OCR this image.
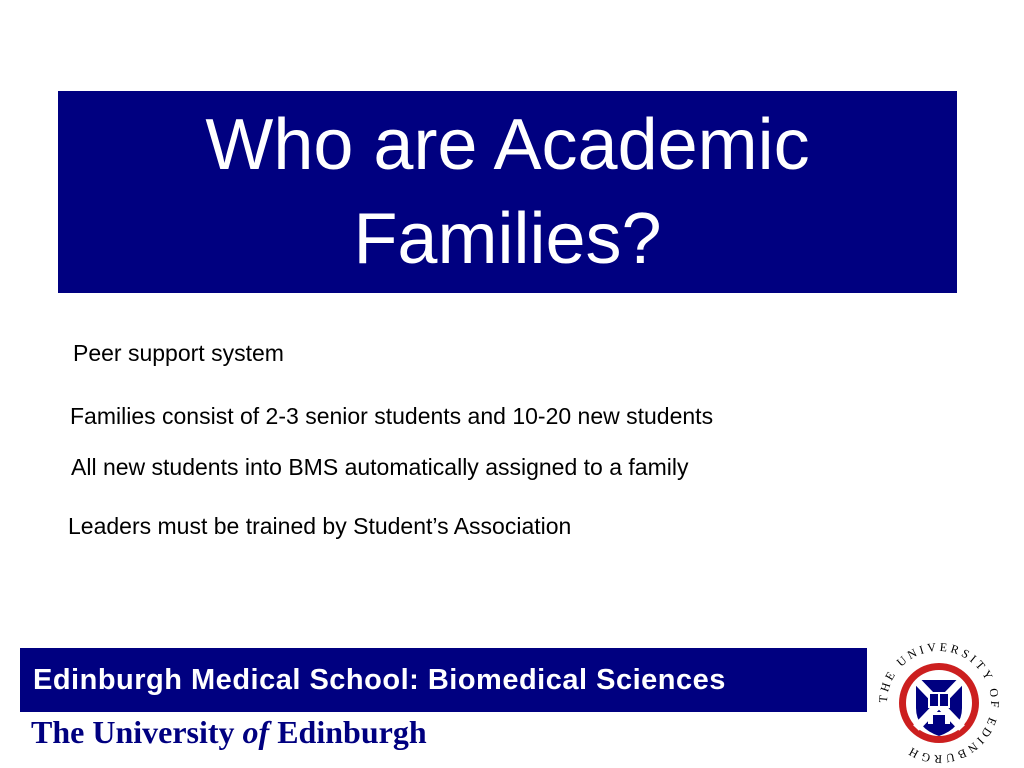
Who are Academic Families?
Peer support system
Families consist of 2-3 senior students and 10-20 new students
All new students into BMS automatically assigned to a family
Leaders must be trained by Student’s Association
Edinburgh Medical School: Biomedical Sciences
The University of Edinburgh
THE UNIVERSITY OF EDINBURGH
